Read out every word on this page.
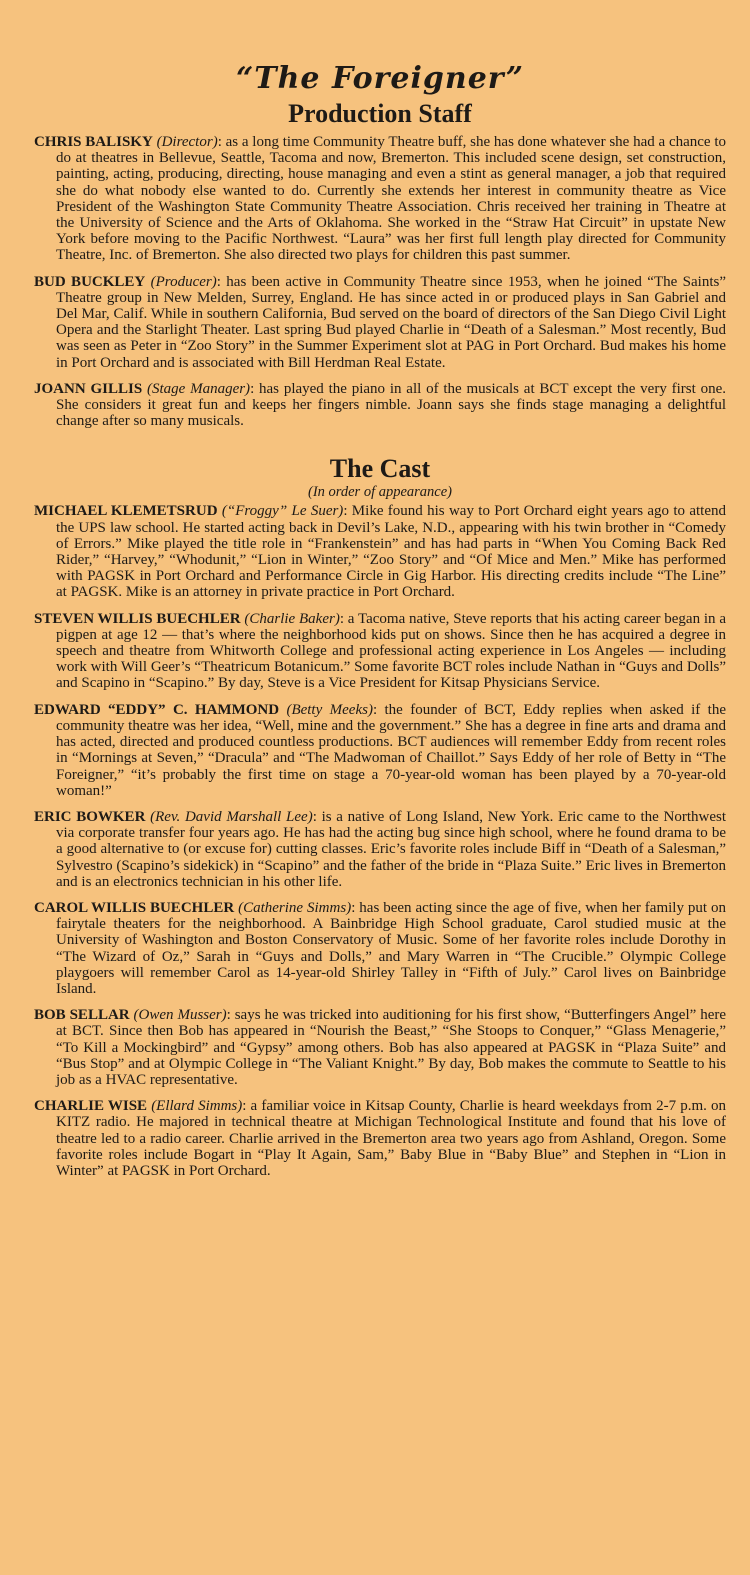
“The Foreigner”
Production Staff

CHRIS BALISKY (Director): as a long time Community Theatre buff, she has done whatever she had a chance to do at theatres in Bellevue, Seattle, Tacoma and now, Bremerton. This included scene design, set construction, painting, acting, producing, directing, house managing and even a stint as general manager, a job that required she do what nobody else wanted to do. Currently she extends her interest in community theatre as Vice President of the Washington State Community Theatre Association. Chris received her training in Theatre at the University of Science and the Arts of Oklahoma. She worked in the “Straw Hat Circuit” in upstate New York before moving to the Pacific Northwest. “Laura” was her first full length play directed for Community Theatre, Inc. of Bremerton. She also directed two plays for children this past summer.

BUD BUCKLEY (Producer): has been active in Community Theatre since 1953, when he joined “The Saints” Theatre group in New Melden, Surrey, England. He has since acted in or produced plays in San Gabriel and Del Mar, Calif. While in southern California, Bud served on the board of directors of the San Diego Civil Light Opera and the Starlight Theater. Last spring Bud played Charlie in “Death of a Salesman.” Most recently, Bud was seen as Peter in “Zoo Story” in the Summer Experiment slot at PAG in Port Orchard. Bud makes his home in Port Orchard and is associated with Bill Herdman Real Estate.

JOANN GILLIS (Stage Manager): has played the piano in all of the musicals at BCT except the very first one. She considers it great fun and keeps her fingers nimble. Joann says she finds stage managing a delightful change after so many musicals.

The Cast
(In order of appearance)

MICHAEL KLEMETSRUD (“Froggy” Le Suer): Mike found his way to Port Orchard eight years ago to attend the UPS law school. He started acting back in Devil’s Lake, N.D., appearing with his twin brother in “Comedy of Errors.” Mike played the title role in “Frankenstein” and has had parts in “When You Coming Back Red Rider,” “Harvey,” “Whodunit,” “Lion in Winter,” “Zoo Story” and “Of Mice and Men.” Mike has performed with PAGSK in Port Orchard and Performance Circle in Gig Harbor. His directing credits include “The Line” at PAGSK. Mike is an attorney in private practice in Port Orchard.

STEVEN WILLIS BUECHLER (Charlie Baker): a Tacoma native, Steve reports that his acting career began in a pigpen at age 12 — that’s where the neighborhood kids put on shows. Since then he has acquired a degree in speech and theatre from Whitworth College and professional acting experience in Los Angeles — including work with Will Geer’s “Theatricum Botanicum.” Some favorite BCT roles include Nathan in “Guys and Dolls” and Scapino in “Scapino.” By day, Steve is a Vice President for Kitsap Physicians Service.

EDWARD “EDDY” C. HAMMOND (Betty Meeks): the founder of BCT, Eddy replies when asked if the community theatre was her idea, “Well, mine and the government.” She has a degree in fine arts and drama and has acted, directed and produced countless productions. BCT audiences will remember Eddy from recent roles in “Mornings at Seven,” “Dracula” and “The Madwoman of Chaillot.” Says Eddy of her role of Betty in “The Foreigner,” “it’s probably the first time on stage a 70-year-old woman has been played by a 70-year-old woman!”

ERIC BOWKER (Rev. David Marshall Lee): is a native of Long Island, New York. Eric came to the Northwest via corporate transfer four years ago. He has had the acting bug since high school, where he found drama to be a good alternative to (or excuse for) cutting classes. Eric’s favorite roles include Biff in “Death of a Salesman,” Sylvestro (Scapino’s sidekick) in “Scapino” and the father of the bride in “Plaza Suite.” Eric lives in Bremerton and is an electronics technician in his other life.

CAROL WILLIS BUECHLER (Catherine Simms): has been acting since the age of five, when her family put on fairytale theaters for the neighborhood. A Bainbridge High School graduate, Carol studied music at the University of Washington and Boston Conservatory of Music. Some of her favorite roles include Dorothy in “The Wizard of Oz,” Sarah in “Guys and Dolls,” and Mary Warren in “The Crucible.” Olympic College playgoers will remember Carol as 14-year-old Shirley Talley in “Fifth of July.” Carol lives on Bainbridge Island.

BOB SELLAR (Owen Musser): says he was tricked into auditioning for his first show, “Butterfingers Angel” here at BCT. Since then Bob has appeared in “Nourish the Beast,” “She Stoops to Conquer,” “Glass Menagerie,” “To Kill a Mockingbird” and “Gypsy” among others. Bob has also appeared at PAGSK in “Plaza Suite” and “Bus Stop” and at Olympic College in “The Valiant Knight.” By day, Bob makes the commute to Seattle to his job as a HVAC representative.

CHARLIE WISE (Ellard Simms): a familiar voice in Kitsap County, Charlie is heard weekdays from 2-7 p.m. on KITZ radio. He majored in technical theatre at Michigan Technological Institute and found that his love of theatre led to a radio career. Charlie arrived in the Bremerton area two years ago from Ashland, Oregon. Some favorite roles include Bogart in “Play It Again, Sam,” Baby Blue in “Baby Blue” and Stephen in “Lion in Winter” at PAGSK in Port Orchard.
